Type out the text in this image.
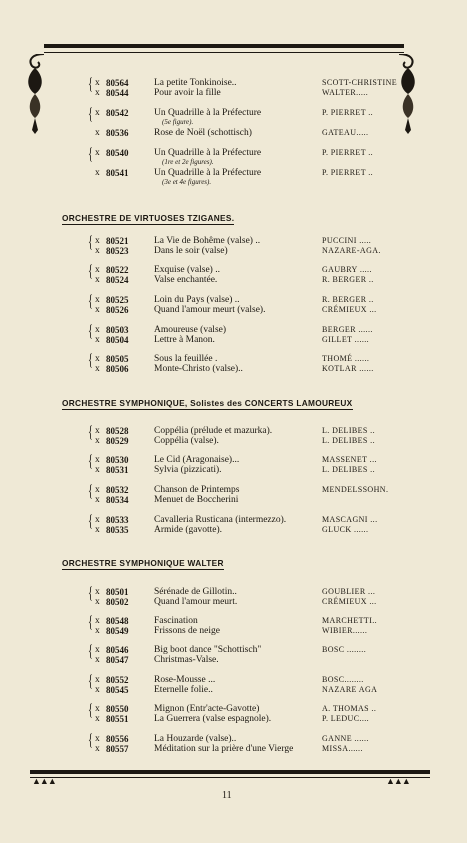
{
{
{
x 80564	La petite Tonkinoise..	SCOTT-CHRISTINE
x 80544	Pour avoir la fille	WALTER.....
x 80542	Un Quadrille à la Préfecture	P. PIERRET ..
(5e figure).
x 80536	Rose de Noël (schottisch)	GATEAU.....
x 80540	Un Quadrille à la Préfecture	P. PIERRET ..
(1re et 2e figures).
x 80541	Un Quadrille à la Préfecture	P. PIERRET ..
(3e et 4e figures).
ORCHESTRE DE VIRTUOSES TZIGANES.
{
{
{
{
{
x 80521	La Vie de Bohême (valse) ..	PUCCINI .....
x 80523	Dans le soir (valse)	NAZARE-AGA.
x 80522	Exquise (valse) ..	GAUBRY .....
x 80524	Valse enchantée.	R. BERGER ..
x 80525	Loin du Pays (valse) ..	R. BERGER ..
x 80526	Quand l'amour meurt (valse).	CRÉMIEUX ...
x 80503	Amoureuse (valse)	BERGER ......
x 80504	Lettre à Manon.	GILLET ......
x 80505	Sous la feuillée .	THOMÉ ......
x 80506	Monte-Christo (valse)..	KOTLAR ......
ORCHESTRE SYMPHONIQUE, Solistes des CONCERTS LAMOUREUX
{
{
{
{
x 80528	Coppélia (prélude et mazurka).	L. DELIBES ..
x 80529	Coppélia (valse).	L. DELIBES ..
x 80530	Le Cid (Aragonaise)...	MASSENET ...
x 80531	Sylvia (pizzicati).	L. DELIBES ..
x 80532	Chanson de Printemps	MENDELSSOHN.
x 80534	Menuet de Boccherini
x 80533	Cavalleria Rusticana (intermezzo).	MASCAGNI ...
x 80535	Armide (gavotte).	GLUCK ......
ORCHESTRE SYMPHONIQUE WALTER
{
{
{
{
{
{
x 80501	Sérénade de Gillotin..	GOUBLIER ...
x 80502	Quand l'amour meurt.	CRÉMIEUX ...
x 80548	Fascination	MARCHETTI..
x 80549	Frissons de neige	WIBIER......
x 80546	Big boot dance "Schottisch"	BOSC ........
x 80547	Christmas-Valse.
x 80552	Rose-Mousse ...	BOSC........
x 80545	Eternelle folie..	NAZARE AGA
x 80550	Mignon (Entr'acte-Gavotte)	A. THOMAS ..
x 80551	La Guerrera (valse espagnole).	P. LEDUC....
x 80556	La Houzarde (valse)..	GANNE ......
x 80557	Méditation sur la prière d'une Vierge	MISSA......
▲▲▲	▲▲▲
11
